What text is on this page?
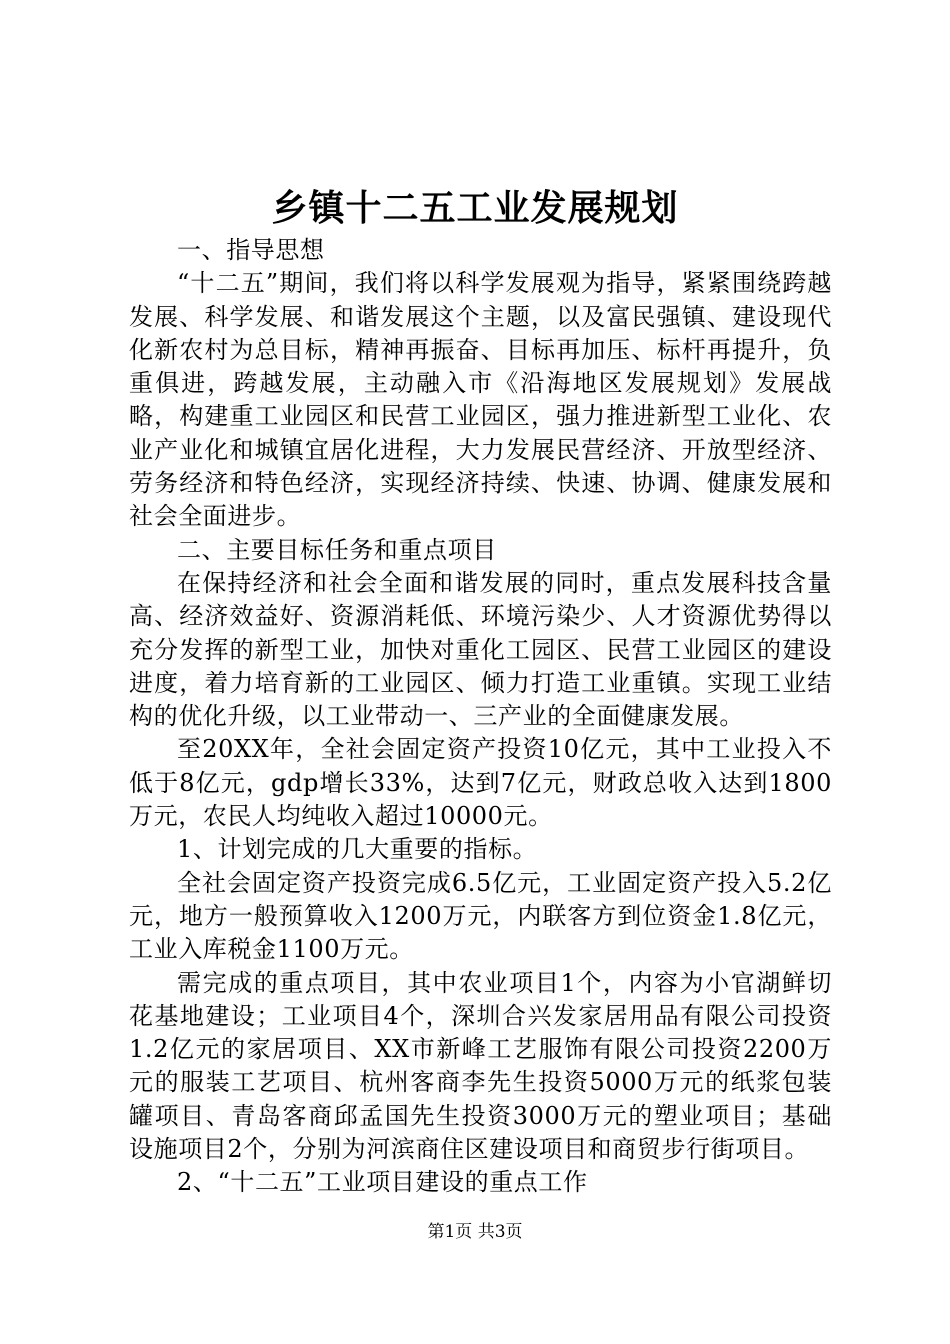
乡镇十二五工业发展规划

一、指导思想

“十二五”期间，我们将以科学发展观为指导，紧紧围绕跨越发展、科学发展、和谐发展这个主题，以及富民强镇、建设现代化新农村为总目标，精神再振奋、目标再加压、标杆再提升，负重俱进，跨越发展，主动融入市《沿海地区发展规划》发展战略，构建重工业园区和民营工业园区，强力推进新型工业化、农业产业化和城镇宜居化进程，大力发展民营经济、开放型经济、劳务经济和特色经济，实现经济持续、快速、协调、健康发展和社会全面进步。

二、主要目标任务和重点项目

在保持经济和社会全面和谐发展的同时，重点发展科技含量高、经济效益好、资源消耗低、环境污染少、人才资源优势得以充分发挥的新型工业，加快对重化工园区、民营工业园区的建设进度，着力培育新的工业园区、倾力打造工业重镇。实现工业结构的优化升级，以工业带动一、三产业的全面健康发展。

至20XX年，全社会固定资产投资10亿元，其中工业投入不低于8亿元，gdp增长33%，达到7亿元，财政总收入达到1800万元，农民人均纯收入超过10000元。

1、计划完成的几大重要的指标。

全社会固定资产投资完成6.5亿元，工业固定资产投入5.2亿元，地方一般预算收入1200万元，内联客方到位资金1.8亿元，工业入库税金1100万元。

需完成的重点项目，其中农业项目1个，内容为小官湖鲜切花基地建设；工业项目4个，深圳合兴发家居用品有限公司投资1.2亿元的家居项目、XX市新峰工艺服饰有限公司投资2200万元的服装工艺项目、杭州客商李先生投资5000万元的纸浆包装罐项目、青岛客商邱孟国先生投资3000万元的塑业项目；基础设施项目2个，分别为河滨商住区建设项目和商贸步行街项目。

2、“十二五”工业项目建设的重点工作

第1页 共3页
